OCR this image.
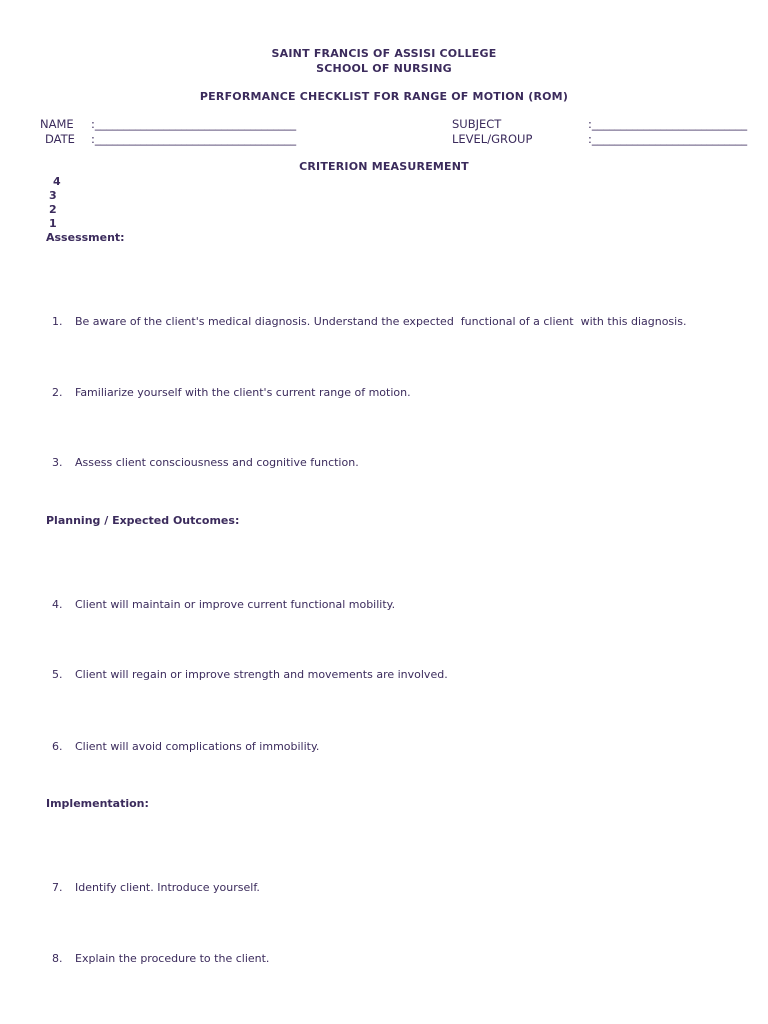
SAINT FRANCIS OF ASSISI COLLEGE
SCHOOL OF NURSING
PERFORMANCE CHECKLIST FOR RANGE OF MOTION (ROM)
NAME :___________________________________	SUBJECT	:___________________________
DATE :___________________________________	LEVEL/GROUP	:___________________________
CRITERION MEASUREMENT
4
3
2
1
Assessment:

1. Be aware of the client's medical diagnosis. Understand the expected  functional of a client  with this diagnosis.

2. Familiarize yourself with the client's current range of motion.

3. Assess client consciousness and cognitive function.

Planning / Expected Outcomes:

4. Client will maintain or improve current functional mobility.

5. Client will regain or improve strength and movements are involved.

6. Client will avoid complications of immobility.

Implementation:

7. Identify client. Introduce yourself.

8. Explain the procedure to the client.
